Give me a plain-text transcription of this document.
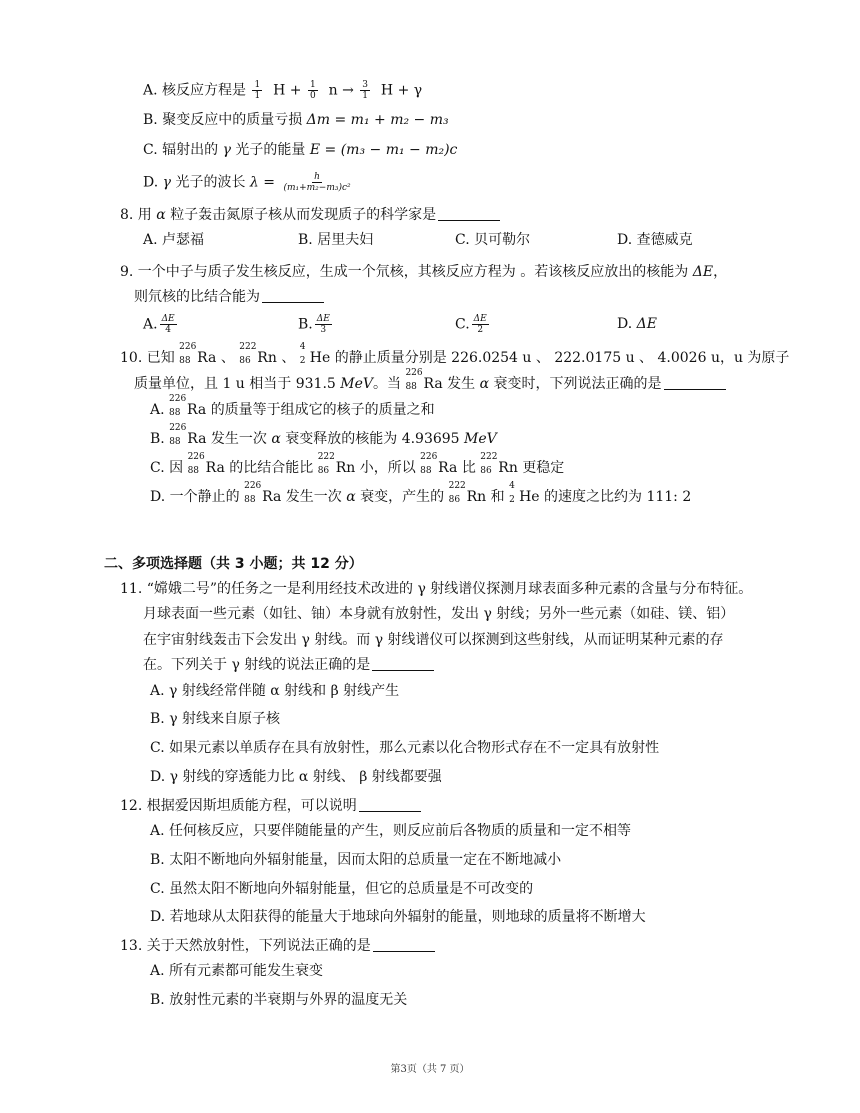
A. 核反应方程是 $\frac{1}{1}$ $H + \frac{1}{0}$ $n \to \frac{3}{1}$ H + γ
B. 聚变反应中的质量亏损 Δm = m₁ + m₂ − m₃
C. 辐射出的 γ 光子的能量 E = (m₃ − m₁ − m₂)c
D. γ 光子的波长 $\lambda = \frac{h}{\text{(m₁+m₂−m₃)c²}}$
8. 用 α 粒子轰击氮原子核从而发现质子的科学家是
A. 卢瑟福	B. 居里夫妇	C. 贝可勒尔	D. 查德威克
9. 一个中子与质子发生核反应，生成一个氘核，其核反应方程为 。若该核反应放出的核能为 ΔE，
则氘核的比结合能为
A. $\frac{\Delta E}{4}$	B. $\frac{\Delta E}{3}$	C. $\frac{\Delta E}{2}$	D. ΔE
10. 已知
226
88 Ra 、
222
86 Rn 、
4
2 He 的静止质量分别是 226.0254 u 、 222.0175 u 、 4.0026 u，u 为原子
质量单位，且 1 u 相当于 931.5 MeV。当
226
88 Ra 发生 α 衰变时，下列说法正确的是
A.
226
88 Ra 的质量等于组成它的核子的质量之和
B.
226
88 Ra 发生一次 α 衰变释放的核能为 4.93695 MeV
C. 因
226
88 Ra 的比结合能比
222
86 Rn 小，所以
226
88 Ra 比
222
86 Rn 更稳定
D. 一个静止的
226
88 Ra 发生一次 α 衰变，产生的
222
86 Rn 和
4
2 He 的速度之比约为 111: 2
二、多项选择题（共 3 小题；共 12 分）
11. “嫦娥二号”的任务之一是利用经技术改进的 γ 射线谱仪探测月球表面多种元素的含量与分布特征。
月球表面一些元素（如钍、铀）本身就有放射性，发出 γ 射线；另外一些元素（如硅、镁、铝）
在宇宙射线轰击下会发出 γ 射线。而 γ 射线谱仪可以探测到这些射线，从而证明某种元素的存
在。下列关于 γ 射线的说法正确的是
A. γ 射线经常伴随 α 射线和 β 射线产生
B. γ 射线来自原子核
C. 如果元素以单质存在具有放射性，那么元素以化合物形式存在不一定具有放射性
D. γ 射线的穿透能力比 α 射线、 β 射线都要强
12. 根据爱因斯坦质能方程，可以说明
A. 任何核反应，只要伴随能量的产生，则反应前后各物质的质量和一定不相等
B. 太阳不断地向外辐射能量，因而太阳的总质量一定在不断地减小
C. 虽然太阳不断地向外辐射能量，但它的总质量是不可改变的
D. 若地球从太阳获得的能量大于地球向外辐射的能量，则地球的质量将不断增大
13. 关于天然放射性，下列说法正确的是
A. 所有元素都可能发生衰变
B. 放射性元素的半衰期与外界的温度无关
第3页（共 7 页）
